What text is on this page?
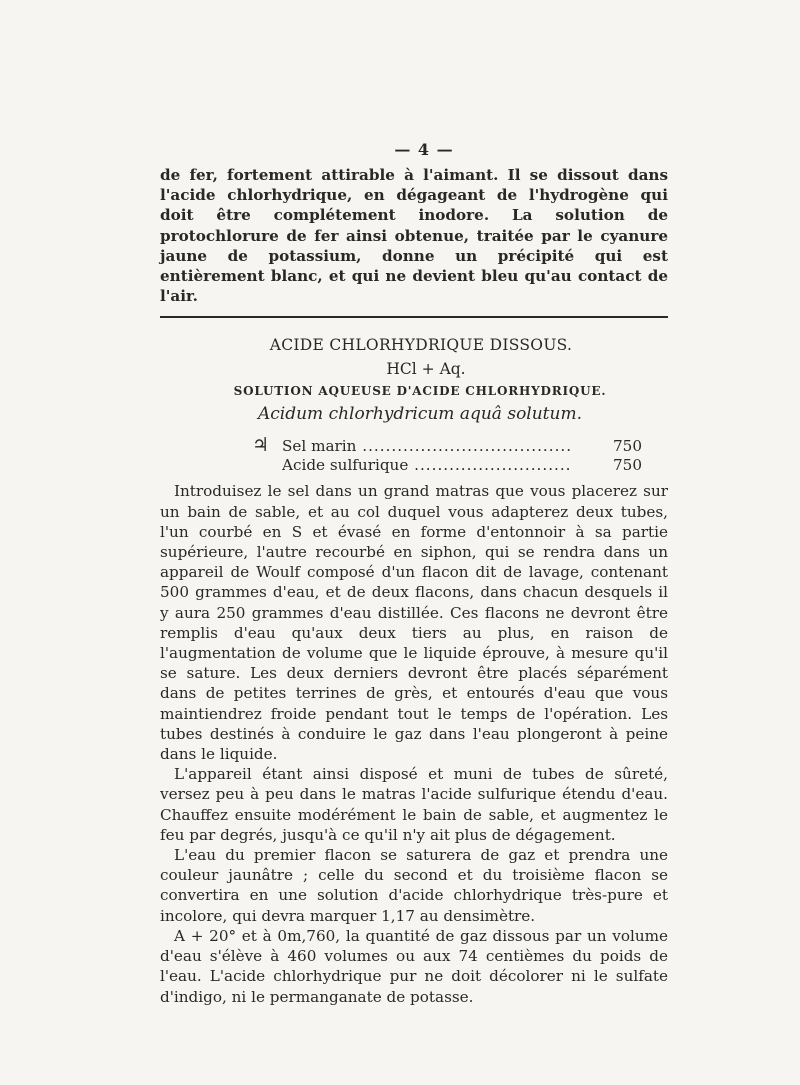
— 4 —

de fer, fortement attirable à l'aimant. Il se dissout dans l'acide chlorhydrique, en dégageant de l'hydrogène qui doit être complétement inodore. La solution de protochlorure de fer ainsi obtenue, traitée par le cyanure jaune de potassium, donne un précipité qui est entièrement blanc, et qui ne devient bleu qu'au contact de l'air.

ACIDE CHLORHYDRIQUE DISSOUS.
HCl + Aq.
SOLUTION AQUEUSE D'ACIDE CHLORHYDRIQUE.
Acidum chlorhydricum aquâ solutum.
♃ Sel marin .....	750
Acide sulfurique .....	750

Introduisez le sel dans un grand matras que vous placerez sur un bain de sable, et au col duquel vous adapterez deux tubes, l'un courbé en S et évasé en forme d'entonnoir à sa partie supérieure, l'autre recourbé en siphon, qui se rendra dans un appareil de Woulf composé d'un flacon dit de lavage, contenant 500 grammes d'eau, et de deux flacons, dans chacun desquels il y aura 250 grammes d'eau distillée. Ces flacons ne devront être remplis d'eau qu'aux deux tiers au plus, en raison de l'augmentation de volume que le liquide éprouve, à mesure qu'il se sature. Les deux derniers devront être placés séparément dans de petites terrines de grès, et entourés d'eau que vous maintiendrez froide pendant tout le temps de l'opération. Les tubes destinés à conduire le gaz dans l'eau plongeront à peine dans le liquide.

L'appareil étant ainsi disposé et muni de tubes de sûreté, versez peu à peu dans le matras l'acide sulfurique étendu d'eau. Chauffez ensuite modérément le bain de sable, et augmentez le feu par degrés, jusqu'à ce qu'il n'y ait plus de dégagement.

L'eau du premier flacon se saturera de gaz et prendra une couleur jaunâtre ; celle du second et du troisième flacon se convertira en une solution d'acide chlorhydrique très-pure et incolore, qui devra marquer 1,17 au densimètre.

A + 20° et à 0m,760, la quantité de gaz dissous par un volume d'eau s'élève à 460 volumes ou aux 74 centièmes du poids de l'eau. L'acide chlorhydrique pur ne doit décolorer ni le sulfate d'indigo, ni le permanganate de potasse.
